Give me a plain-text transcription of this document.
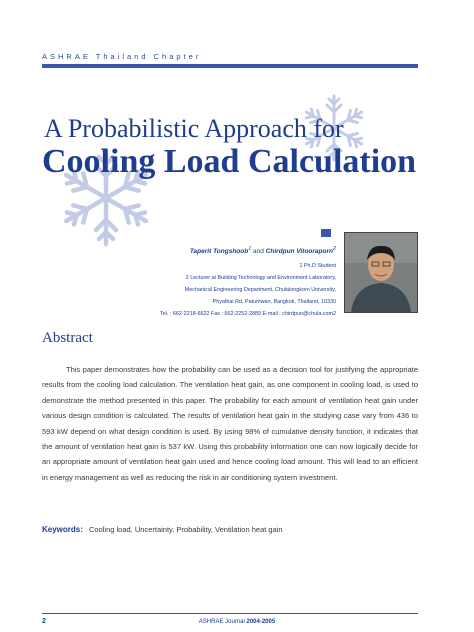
ASHRAE Thailand Chapter
A Probabilistic Approach for
Cooling Load Calculation
Taperit Tongshoob$^1$ and Chirdpun Vitooraporn$^2$
1 Ph.D Student
2 Lecturer at Building Technology and Environment Laboratory,
Mechanical Engineering Department, Chulalongkorn University,
Phyathai Rd, Patumwan, Bangkok, Thailand, 10330
Tel. : 662-2218-6622 Fax : 662-2252-2889 E-mail : chirdpun@chula.com2
Abstract
This paper demonstrates how the probability can be used as a decision tool for justifying the appropriate results from the cooling load calculation. The ventilation heat gain, as one component in cooling load, is used to demonstrate the method presented in this paper. The probability for each amount of ventilation heat gain under various design condition is calculated. The results of ventilation heat gain in the studying case vary from 436 to 593 kW depend on what design condition is used. By using 98% of cumulative density function, it indicates that the amount of ventilation heat gain is 537 kW. Using this probability information one can now logically decide for an appropriate amount of ventilation heat gain used and hence cooling load amount. This will lead to an efficient in energy management as well as reducing the risk in air conditioning system investment.
Keywords: Cooling load, Uncertainty, Probability, Ventilation heat gain
2	ASHRAE Journal 2004-2005
